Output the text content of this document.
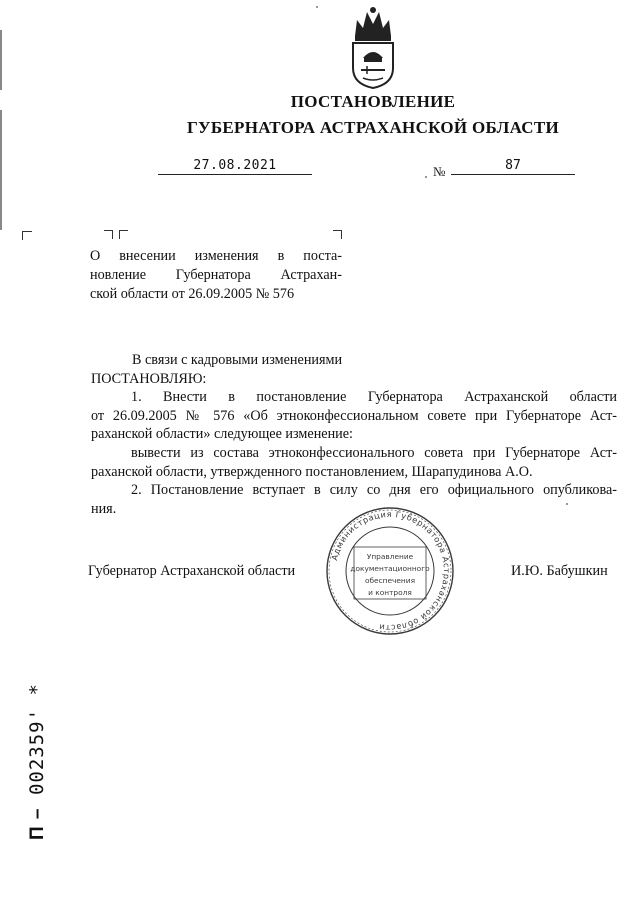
ПОСТАНОВЛЕНИЕ
ГУБЕРНАТОРА АСТРАХАНСКОЙ ОБЛАСТИ
27.08.2021	№	87
О внесении изменения в поста-
новление Губернатора Астрахан-
ской области от 26.09.2005 № 576
В связи с кадровыми изменениями
ПОСТАНОВЛЯЮ:
1. Внести в постановление Губернатора Астраханской области
от 26.09.2005 № 576 «Об этноконфессиональном совете при Губернаторе Аст-
раханской области» следующее изменение:
вывести из состава этноконфессионального совета при Губернаторе Аст-
раханской области, утвержденного постановлением, Шарапудинова А.О.
2. Постановление вступает в силу со дня его официального опубликова-
ния.
Губернатор Астраханской области	И.Ю. Бабушкин
Администрация Губернатора Астраханской области
Управление
документационного
обеспечения
и контроля
П – 002359' *
